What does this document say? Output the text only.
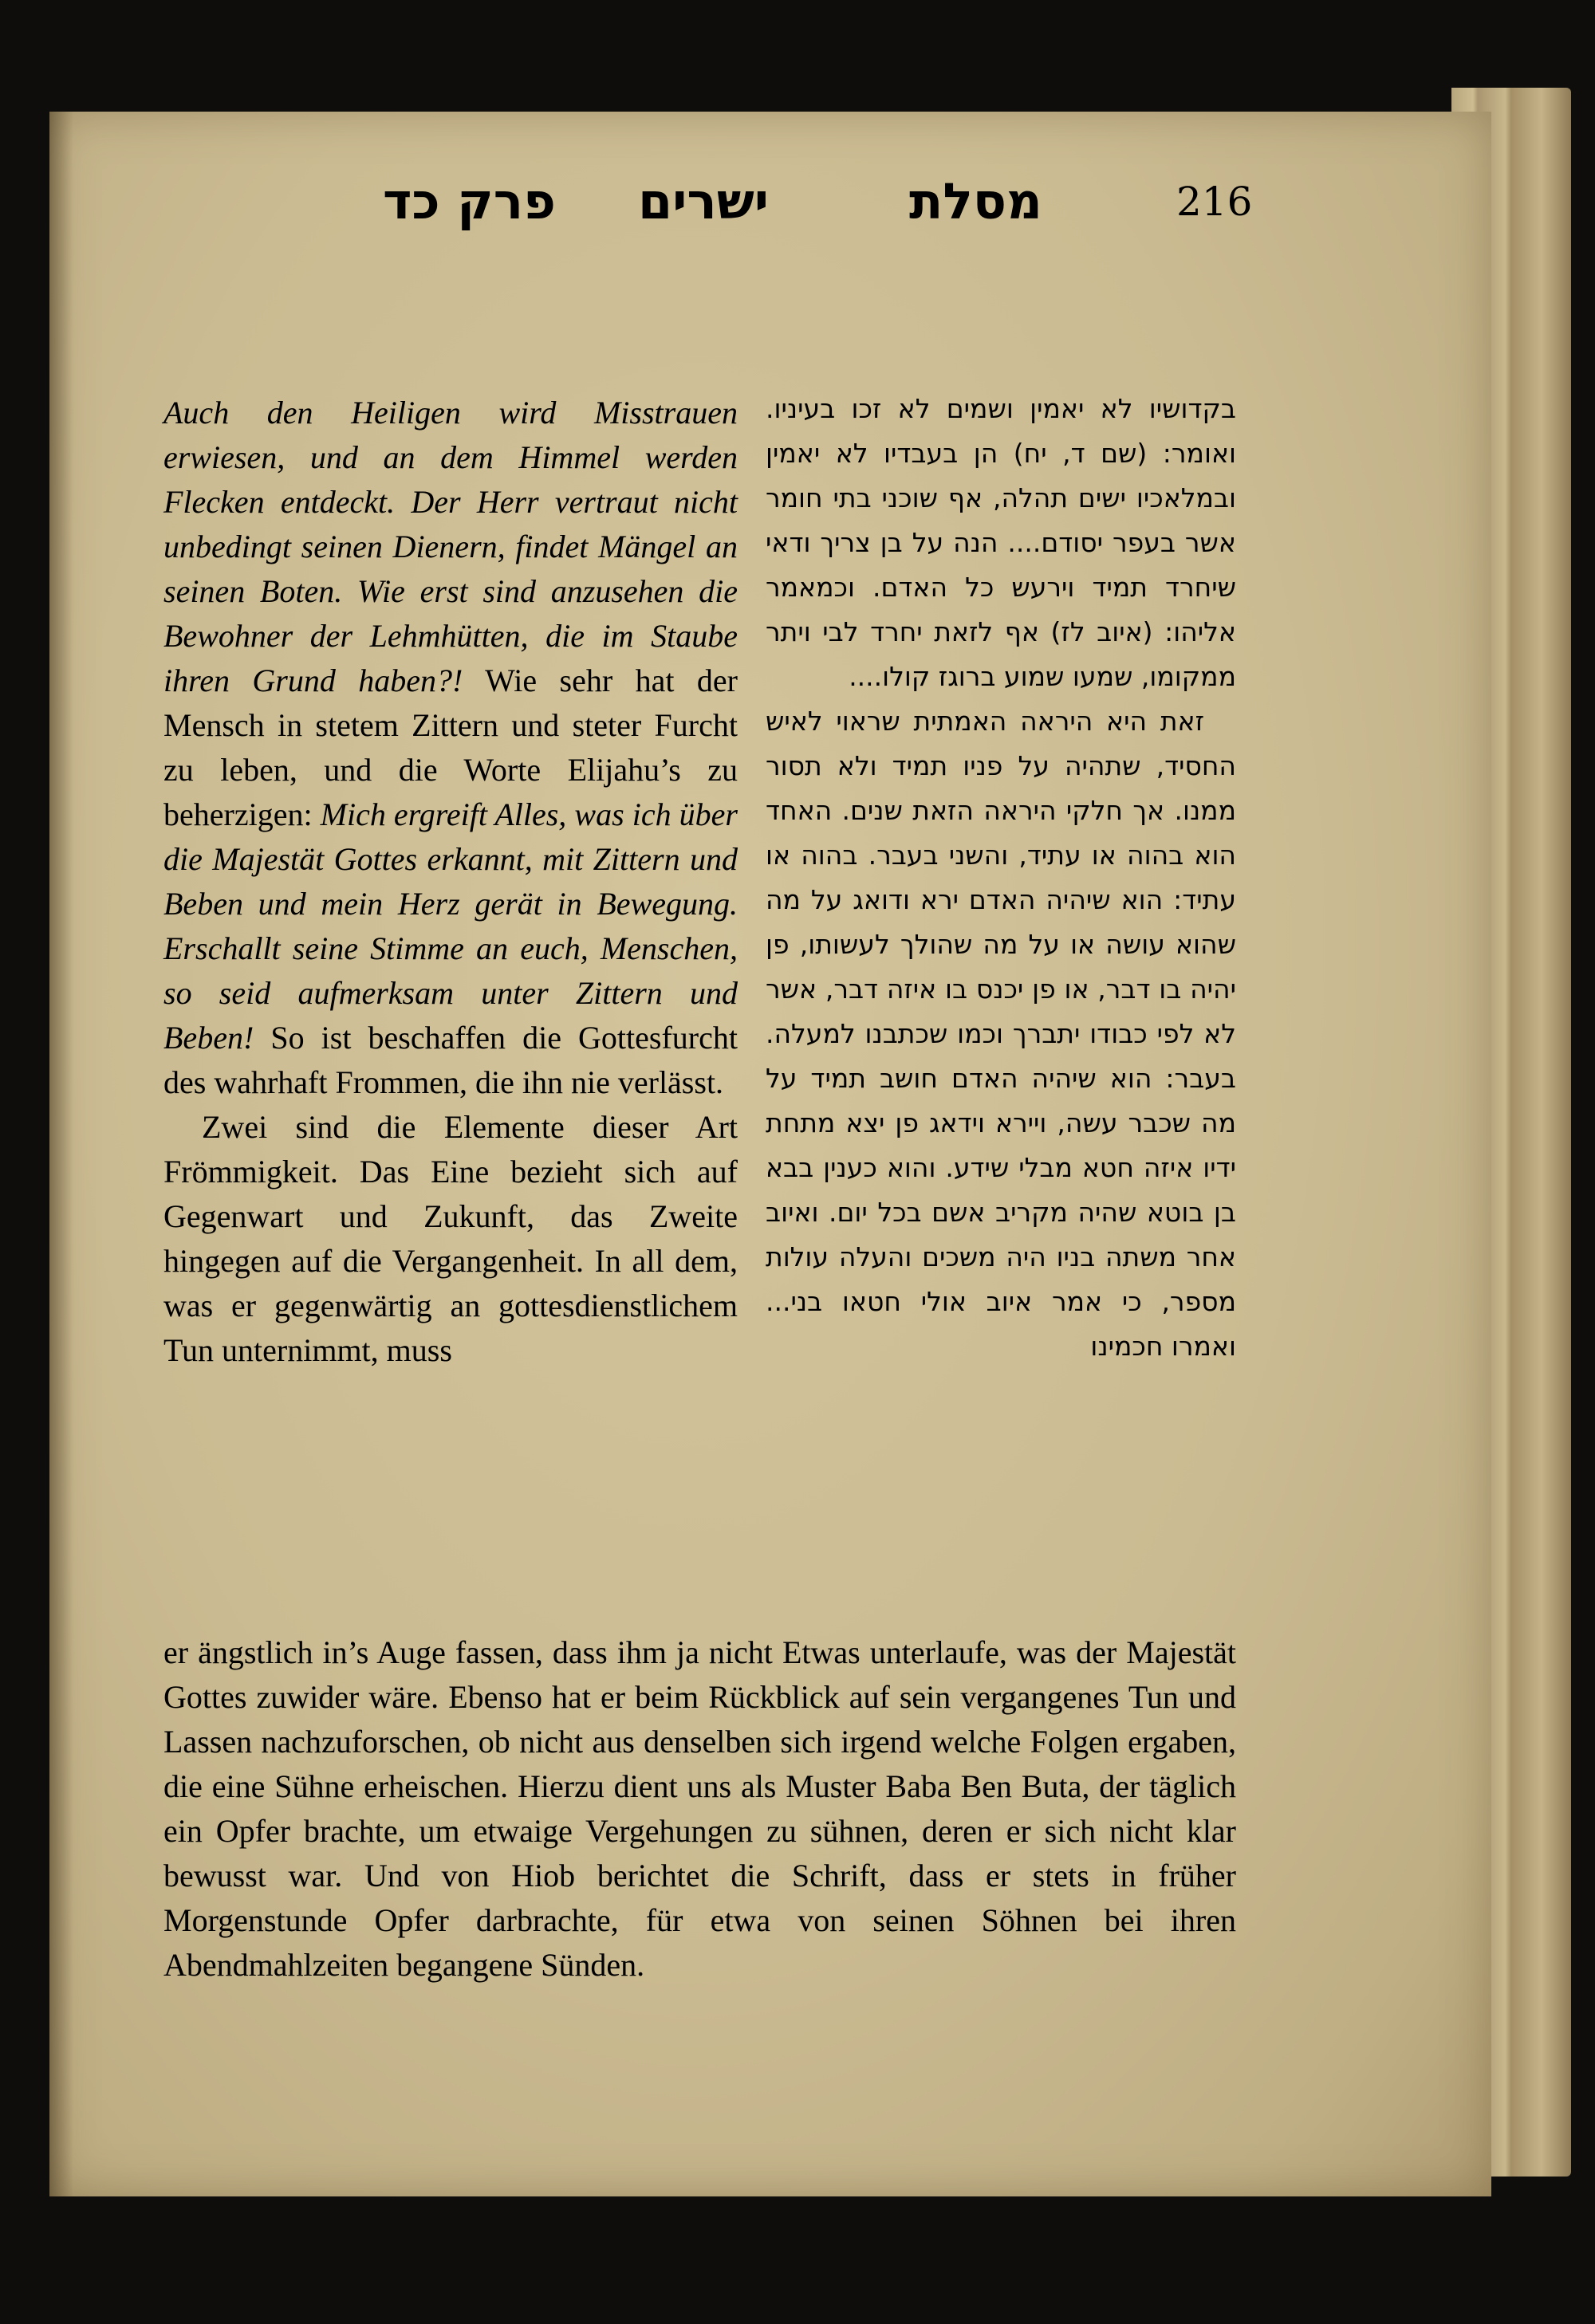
216
מסלת
ישרים
פרק כד

Auch den Heiligen wird Misstrauen erwiesen, und an dem Himmel werden Flecken entdeckt. Der Herr vertraut nicht unbedingt seinen Dienern, findet Mängel an seinen Boten. Wie erst sind anzusehen die Bewohner der Lehmhütten, die im Staube ihren Grund haben?! Wie sehr hat der Mensch in stetem Zittern und steter Furcht zu leben, und die Worte Elijahu’s zu beherzigen: Mich ergreift Alles, was ich über die Majestät Gottes erkannt, mit Zittern und Beben und mein Herz gerät in Bewegung. Erschallt seine Stimme an euch, Menschen, so seid aufmerksam unter Zittern und Beben! So ist beschaffen die Gottesfurcht des wahrhaft Frommen, die ihn nie verlässt.

Zwei sind die Elemente dieser Art Frömmigkeit. Das Eine bezieht sich auf Gegenwart und Zukunft, das Zweite hingegen auf die Vergangenheit. In all dem, was er gegenwärtig an gottesdienstlichem Tun unternimmt, muss

בקדושיו לא יאמין ושמים לא זכו בעיניו. ואומר: (שם ד, יח) הן בעבדיו לא יאמין ובמלאכיו ישים תהלה, אף שוכני בתי חומר אשר בעפר יסודם.... הנה על בן צריך ודאי שיחרד תמיד וירעש כל האדם. וכמאמר אליהו: (איוב לז) אף לזאת יחרד לבי ויתר ממקומו, שמעו שמוע ברוגז קולו....

זאת היא היראה האמתית שראוי לאיש החסיד, שתהיה על פניו תמיד ולא תסור ממנו. אך חלקי היראה הזאת שנים. האחד הוא בהוה או עתיד, והשני בעבר. בהוה או עתיד: הוא שיהיה האדם ירא ודואג על מה שהוא עושה או על מה שהולך לעשותו, פן יהיה בו דבר, או פן יכנס בו איזה דבר, אשר לא לפי כבודו יתברך וכמו שכתבנו למעלה. בעבר: הוא שיהיה האדם חושב תמיד על מה שכבר עשה, ויירא וידאג פן יצא מתחת ידיו איזה חטא מבלי שידע. והוא כענין בבא בן בוטא שהיה מקריב אשם בכל יום. ואיוב אחר משתה בניו היה משכים והעלה עולות מספר, כי אמר איוב אולי חטאו בני... ואמרו חכמינו

er ängstlich in’s Auge fassen, dass ihm ja nicht Etwas unterlaufe, was der Majestät Gottes zuwider wäre. Ebenso hat er beim Rückblick auf sein vergangenes Tun und Lassen nachzuforschen, ob nicht aus denselben sich irgend welche Folgen ergaben, die eine Sühne erheischen. Hierzu dient uns als Muster Baba Ben Buta, der täglich ein Opfer brachte, um etwaige Vergehungen zu sühnen, deren er sich nicht klar bewusst war. Und von Hiob berichtet die Schrift, dass er stets in früher Morgenstunde Opfer darbrachte, für etwa von seinen Söhnen bei ihren Abendmahlzeiten begangene Sünden.
